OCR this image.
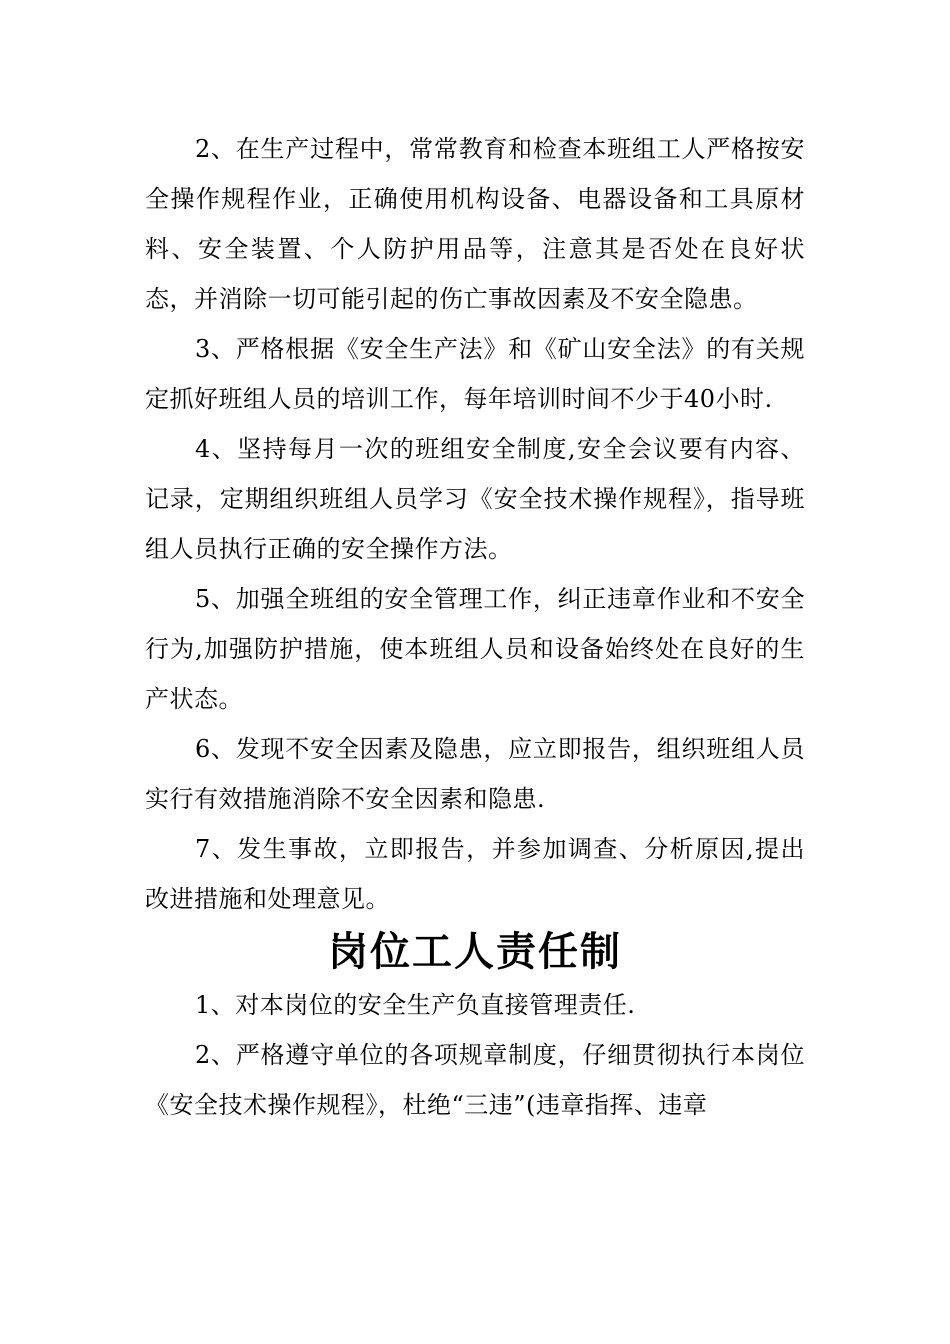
2、在生产过程中，常常教育和检查本班组工人严格按安全操作规程作业，正确使用机构设备、电器设备和工具原材料、安全装置、个人防护用品等，注意其是否处在良好状态，并消除一切可能引起的伤亡事故因素及不安全隐患。

3、严格根据《安全生产法》和《矿山安全法》的有关规定抓好班组人员的培训工作，每年培训时间不少于40小时.

4、坚持每月一次的班组安全制度,安全会议要有内容、记录，定期组织班组人员学习《安全技术操作规程》，指导班组人员执行正确的安全操作方法。

5、加强全班组的安全管理工作，纠正违章作业和不安全行为,加强防护措施，使本班组人员和设备始终处在良好的生产状态。

6、发现不安全因素及隐患，应立即报告，组织班组人员实行有效措施消除不安全因素和隐患.

7、发生事故，立即报告，并参加调查、分析原因,提出改进措施和处理意见。

岗位工人责任制

1、对本岗位的安全生产负直接管理责任.

2、严格遵守单位的各项规章制度，仔细贯彻执行本岗位《安全技术操作规程》，杜绝“三违”(违章指挥、违章
